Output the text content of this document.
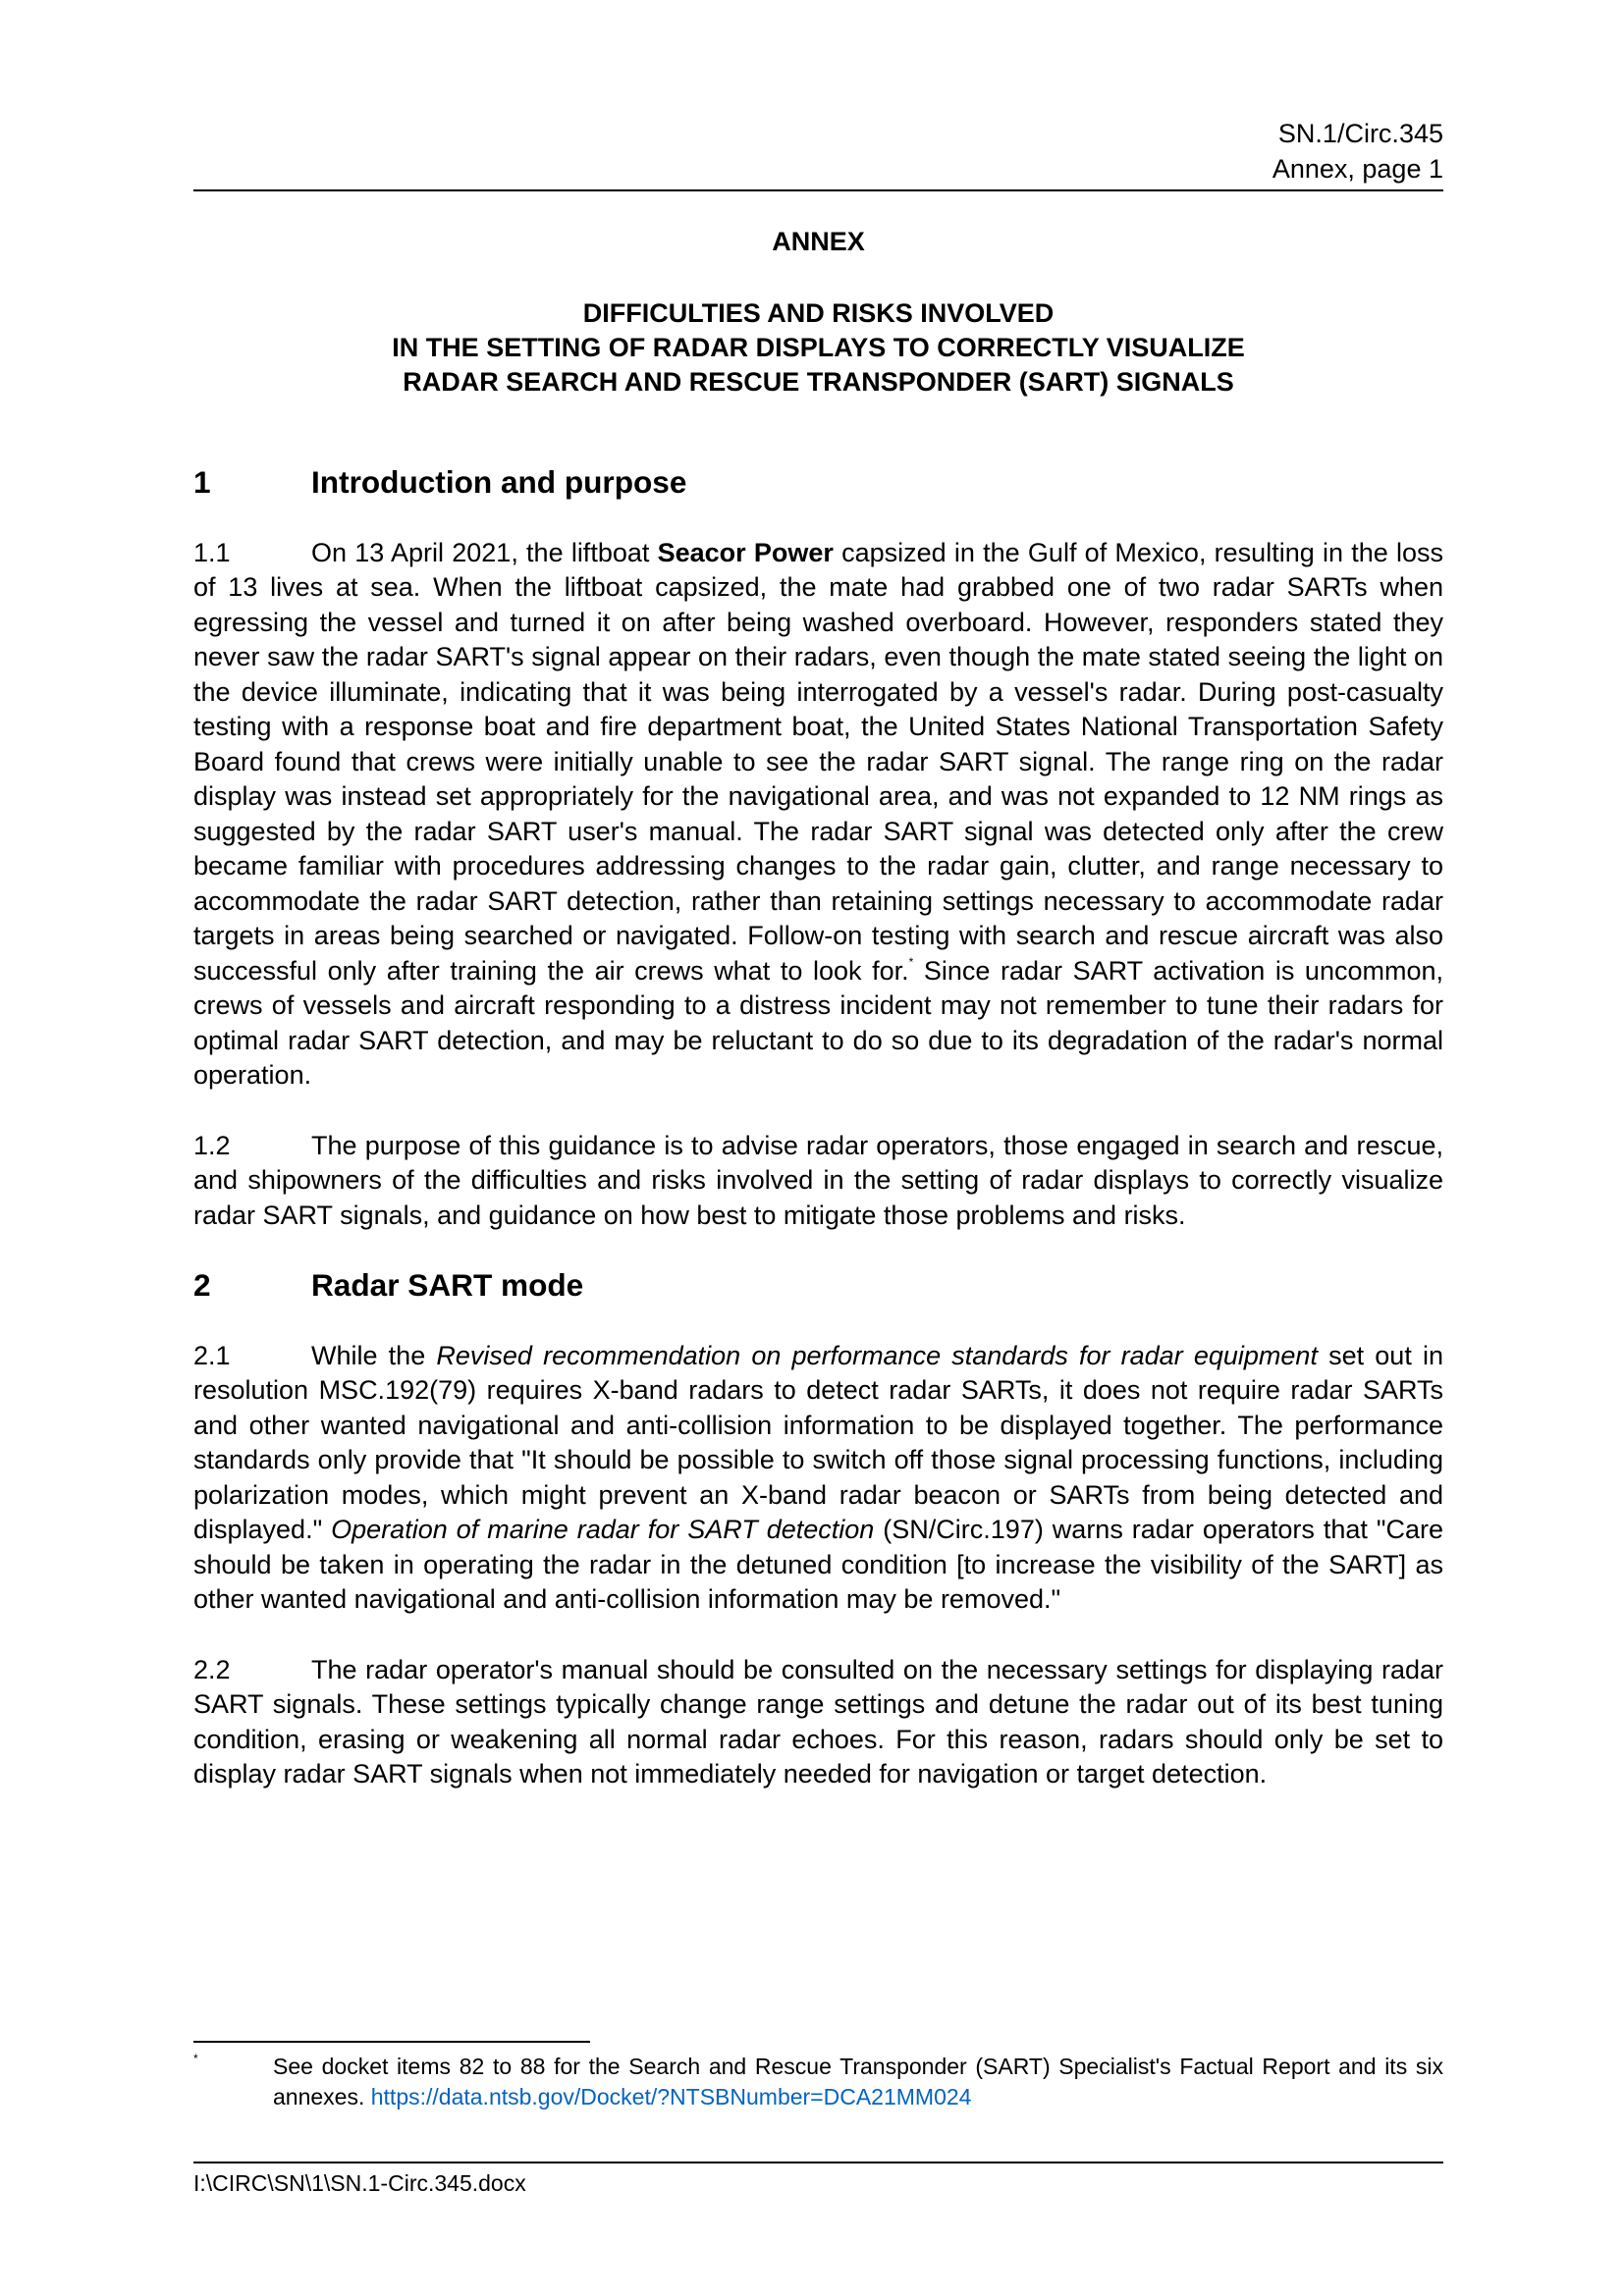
SN.1/Circ.345
Annex, page 1
ANNEX
DIFFICULTIES AND RISKS INVOLVED
IN THE SETTING OF RADAR DISPLAYS TO CORRECTLY VISUALIZE
RADAR SEARCH AND RESCUE TRANSPONDER (SART) SIGNALS
1	Introduction and purpose

1.1	On 13 April 2021, the liftboat Seacor Power capsized in the Gulf of Mexico, resulting in the loss of 13 lives at sea. When the liftboat capsized, the mate had grabbed one of two radar SARTs when egressing the vessel and turned it on after being washed overboard. However, responders stated they never saw the radar SART's signal appear on their radars, even though the mate stated seeing the light on the device illuminate, indicating that it was being interrogated by a vessel's radar. During post-casualty testing with a response boat and fire department boat, the United States National Transportation Safety Board found that crews were initially unable to see the radar SART signal. The range ring on the radar display was instead set appropriately for the navigational area, and was not expanded to 12 NM rings as suggested by the radar SART user's manual. The radar SART signal was detected only after the crew became familiar with procedures addressing changes to the radar gain, clutter, and range necessary to accommodate the radar SART detection, rather than retaining settings necessary to accommodate radar targets in areas being searched or navigated. Follow-on testing with search and rescue aircraft was also successful only after training the air crews what to look for.* Since radar SART activation is uncommon, crews of vessels and aircraft responding to a distress incident may not remember to tune their radars for optimal radar SART detection, and may be reluctant to do so due to its degradation of the radar's normal operation.

1.2	The purpose of this guidance is to advise radar operators, those engaged in search and rescue, and shipowners of the difficulties and risks involved in the setting of radar displays to correctly visualize radar SART signals, and guidance on how best to mitigate those problems and risks.

2	Radar SART mode

2.1	While the Revised recommendation on performance standards for radar equipment set out in resolution MSC.192(79) requires X-band radars to detect radar SARTs, it does not require radar SARTs and other wanted navigational and anti-collision information to be displayed together. The performance standards only provide that "It should be possible to switch off those signal processing functions, including polarization modes, which might prevent an X-band radar beacon or SARTs from being detected and displayed." Operation of marine radar for SART detection (SN/Circ.197) warns radar operators that "Care should be taken in operating the radar in the detuned condition [to increase the visibility of the SART] as other wanted navigational and anti-collision information may be removed."

2.2	The radar operator's manual should be consulted on the necessary settings for displaying radar SART signals. These settings typically change range settings and detune the radar out of its best tuning condition, erasing or weakening all normal radar echoes. For this reason, radars should only be set to display radar SART signals when not immediately needed for navigation or target detection.

*	See docket items 82 to 88 for the Search and Rescue Transponder (SART) Specialist's Factual Report and its six annexes. https://data.ntsb.gov/Docket/?NTSBNumber=DCA21MM024
I:\CIRC\SN\1\SN.1-Circ.345.docx
